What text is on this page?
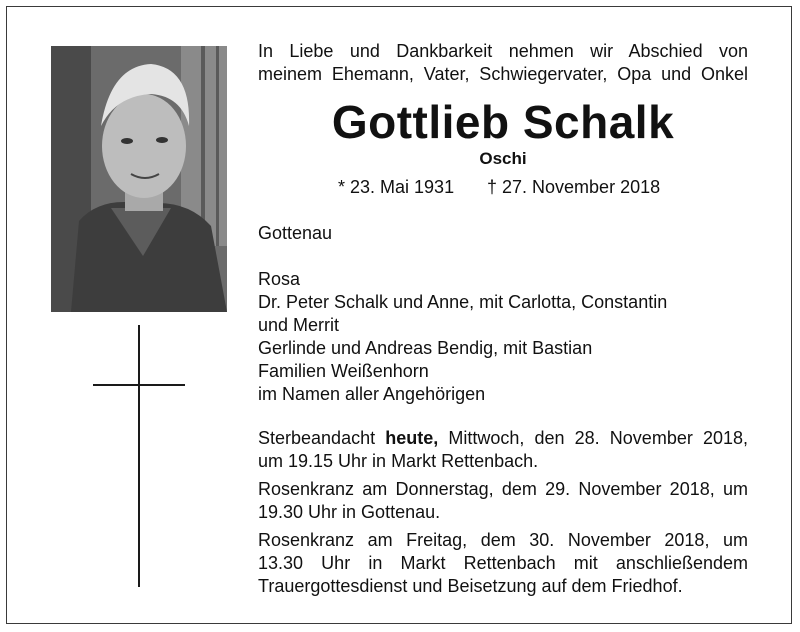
In Liebe und Dankbarkeit nehmen wir Abschied von

meinem Ehemann, Vater, Schwiegervater, Opa und Onkel

Gottlieb Schalk
Oschi
* 23. Mai 1931 † 27. November 2018
Gottenau
Rosa
Dr. Peter Schalk und Anne, mit Carlotta, Constantin
und Merrit
Gerlinde und Andreas Bendig, mit Bastian
Familien Weißenhorn
im Namen aller Angehörigen

Sterbeandacht heute, Mittwoch, den 28. November 2018,
um 19.15 Uhr in Markt Rettenbach.

Rosenkranz am Donnerstag, dem 29. November 2018, um
19.30 Uhr in Gottenau.

Rosenkranz am Freitag, dem 30. November 2018, um
13.30 Uhr in Markt Rettenbach mit anschließendem
Trauergottesdienst und Beisetzung auf dem Friedhof.
